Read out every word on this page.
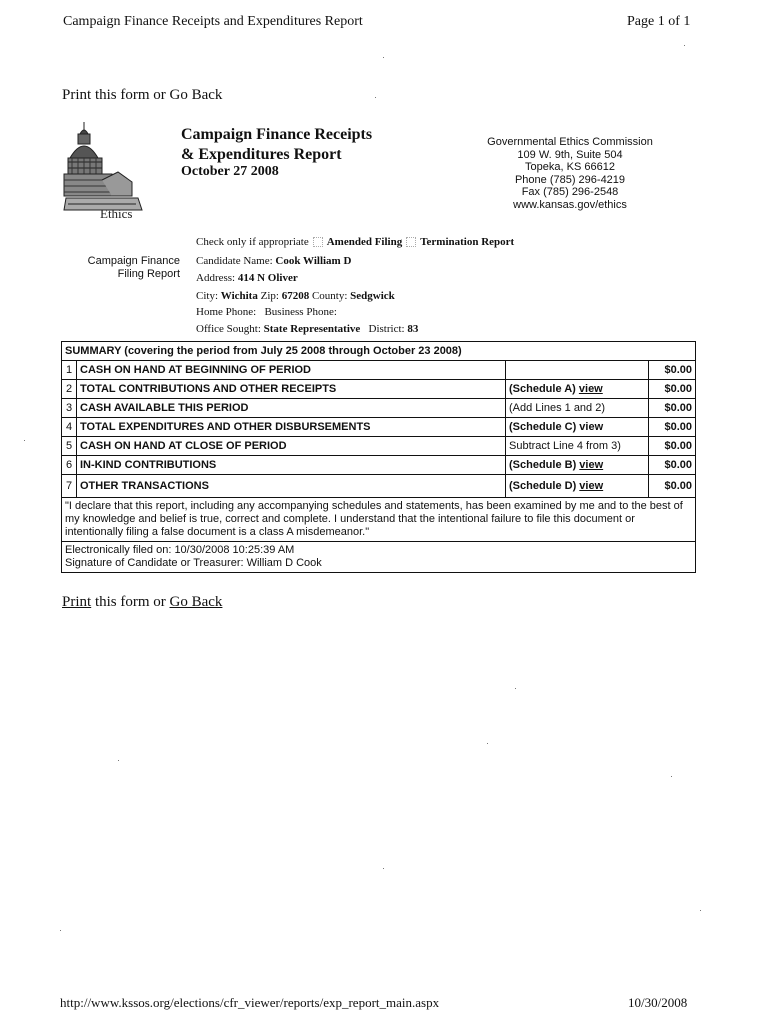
Campaign Finance Receipts and Expenditures Report	Page 1 of 1
Print this form or Go Back
Ethics
Campaign Finance Receipts
& Expenditures Report
October 27 2008
Governmental Ethics Commission
109 W. 9th, Suite 504
Topeka, KS 66612
Phone (785) 296-4219
Fax (785) 296-2548
www.kansas.gov/ethics
Campaign Finance
Filing Report
Check only if appropriate Amended Filing Termination Report
Candidate Name: Cook William D
Address: 414 N Oliver
City: Wichita Zip: 67208 County: Sedgwick
Home Phone: Business Phone:
Office Sought: State Representative District: 83
SUMMARY (covering the period from July 25 2008 through October 23 2008)			
1	CASH ON HAND AT BEGINNING OF PERIOD		$0.00
2	TOTAL CONTRIBUTIONS AND OTHER RECEIPTS	(Schedule A) view	$0.00
3	CASH AVAILABLE THIS PERIOD	(Add Lines 1 and 2)	$0.00
4	TOTAL EXPENDITURES AND OTHER DISBURSEMENTS	(Schedule C) view	$0.00
5	CASH ON HAND AT CLOSE OF PERIOD	Subtract Line 4 from 3)	$0.00
6	IN-KIND CONTRIBUTIONS	(Schedule B) view	$0.00
7	OTHER TRANSACTIONS	(Schedule D) view	$0.00
"I declare that this report, including any accompanying schedules and statements, has been examined by me and to the best of my knowledge and belief is true, correct and complete. I understand that the intentional failure to file this document or intentionally filing a false document is a class A misdemeanor."			

Electronically filed on: 10/30/2008 10:25:39 AM
Signature of Candidate or Treasurer: William D Cook			
Print this form or Go Back
http://www.kssos.org/elections/cfr_viewer/reports/exp_report_main.aspx	10/30/2008
